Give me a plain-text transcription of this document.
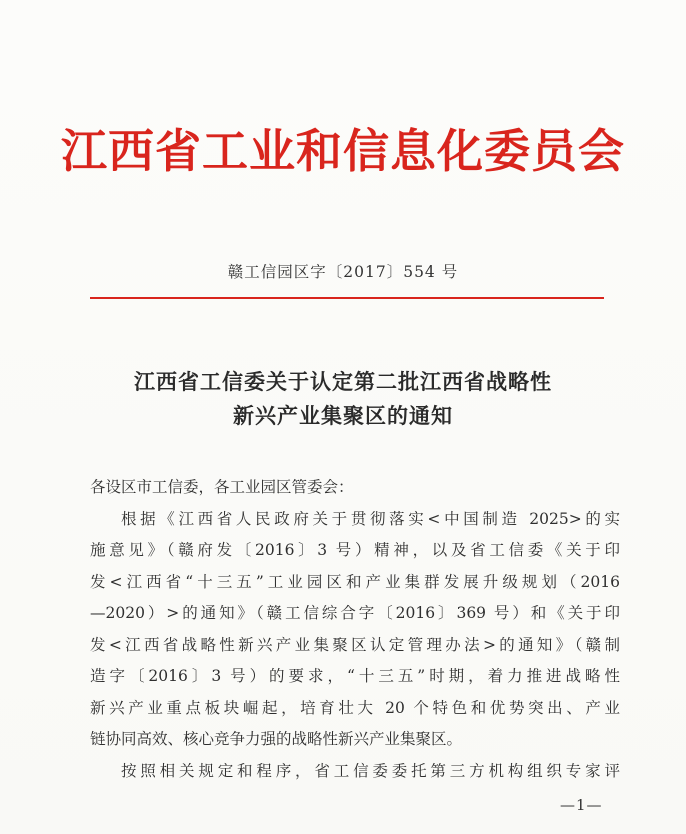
江西省工业和信息化委员会
赣工信园区字〔2017〕554 号
江西省工信委关于认定第二批江西省战略性
新兴产业集聚区的通知
各设区市工信委，各工业园区管委会：
根据《江西省人民政府关于贯彻落实<中国制造 2025>的实
施意见》（赣府发〔2016〕3 号）精神，以及省工信委《关于印
发<江西省“十三五”工业园区和产业集群发展升级规划（2016
—2020）>的通知》（赣工信综合字〔2016〕369 号）和《关于印
发<江西省战略性新兴产业集聚区认定管理办法>的通知》（赣制
造字〔2016〕3 号）的要求，“十三五”时期，着力推进战略性
新兴产业重点板块崛起，培育壮大 20 个特色和优势突出、产业
链协同高效、核心竞争力强的战略性新兴产业集聚区。
按照相关规定和程序，省工信委委托第三方机构组织专家评
—1—
